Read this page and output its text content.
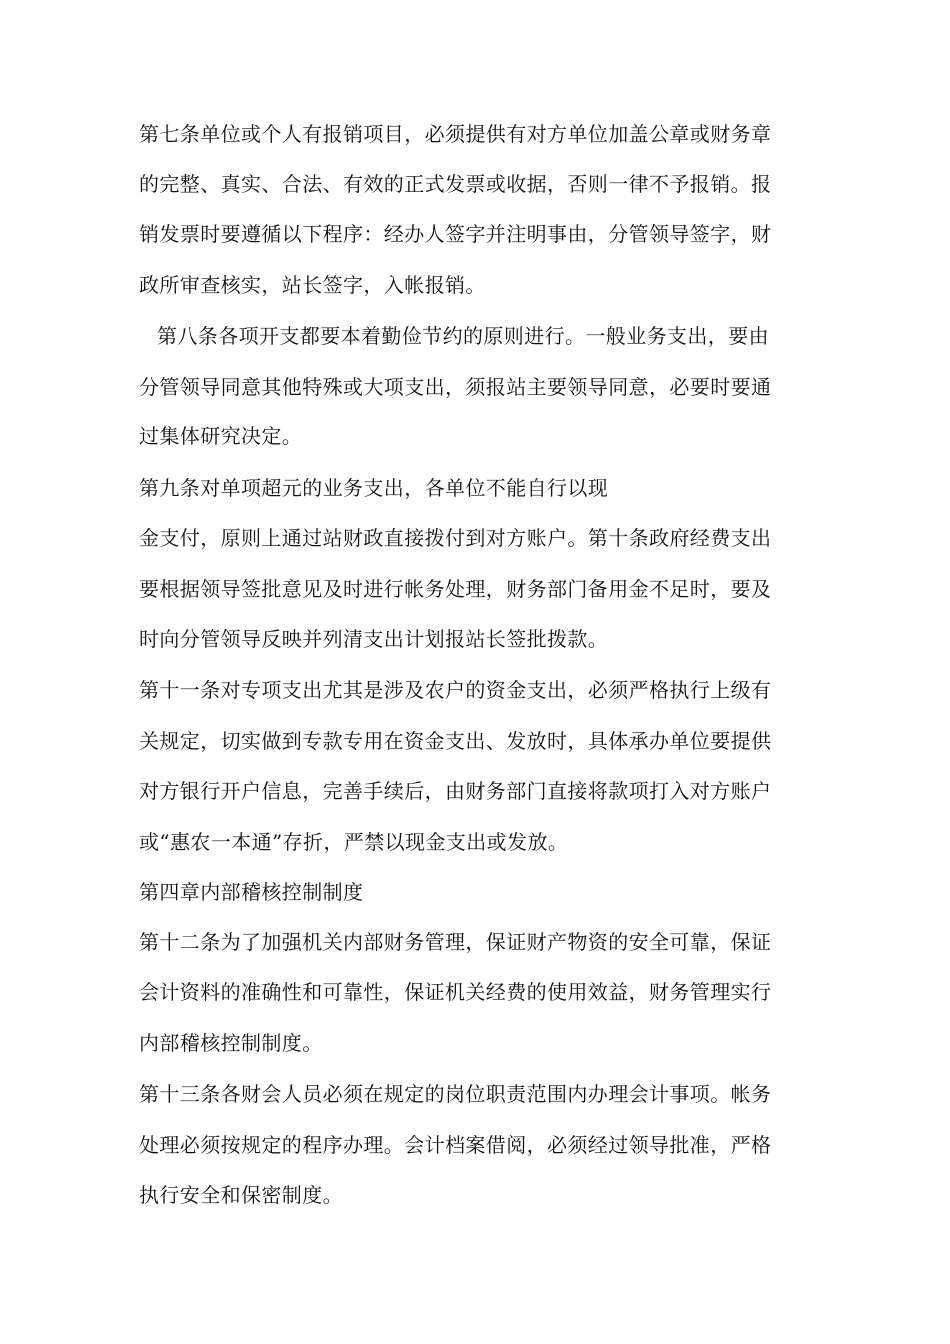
第七条单位或个人有报销项目，必须提供有对方单位加盖公章或财务章
的完整、真实、合法、有效的正式发票或收据，否则一律不予报销。报
销发票时要遵循以下程序：经办人签字并注明事由，分管领导签字，财
政所审查核实，站长签字，入帐报销。
第八条各项开支都要本着勤俭节约的原则进行。一般业务支出，要由
分管领导同意其他特殊或大项支出，须报站主要领导同意，必要时要通
过集体研究决定。
第九条对单项超元的业务支出，各单位不能自行以现
金支付，原则上通过站财政直接拨付到对方账户。第十条政府经费支出
要根据领导签批意见及时进行帐务处理，财务部门备用金不足时，要及
时向分管领导反映并列清支出计划报站长签批拨款。
第十一条对专项支出尤其是涉及农户的资金支出，必须严格执行上级有
关规定，切实做到专款专用在资金支出、发放时，具体承办单位要提供
对方银行开户信息，完善手续后，由财务部门直接将款项打入对方账户
或“惠农一本通”存折，严禁以现金支出或发放。
第四章内部稽核控制制度
第十二条为了加强机关内部财务管理，保证财产物资的安全可靠，保证
会计资料的准确性和可靠性，保证机关经费的使用效益，财务管理实行
内部稽核控制制度。
第十三条各财会人员必须在规定的岗位职责范围内办理会计事项。帐务
处理必须按规定的程序办理。会计档案借阅，必须经过领导批准，严格
执行安全和保密制度。
